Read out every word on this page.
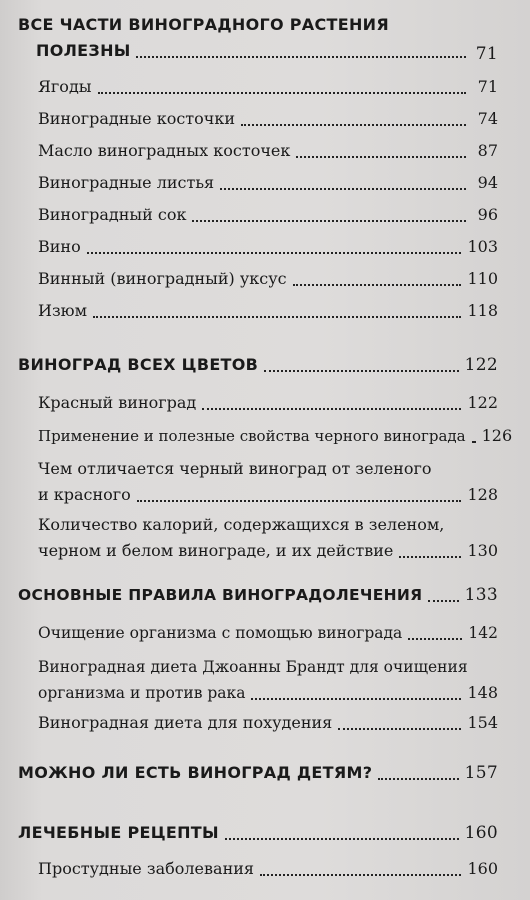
ВСЕ ЧАСТИ ВИНОГРАДНОГО РАСТЕНИЯ
ПОЛЕЗНЫ	71
Ягоды	71
Виноградные косточки	74
Масло виноградных косточек	87
Виноградные листья	94
Виноградный сок	96
Вино	103
Винный (виноградный) уксус	110
Изюм	118
ВИНОГРАД ВСЕХ ЦВЕТОВ	122
Красный виноград	122
Применение и полезные свойства черного винограда 126
Чем отличается черный виноград от зеленого
и красного	128
Количество калорий, содержащихся в зеленом,
черном и белом винограде, и их действие	130
ОСНОВНЫЕ ПРАВИЛА ВИНОГРАДОЛЕЧЕНИЯ 133
Очищение организма с помощью винограда	142
Виноградная диета Джоанны Брандт для очищения
организма и против рака	148
Виноградная диета для похудения	154
МОЖНО ЛИ ЕСТЬ ВИНОГРАД ДЕТЯМ?	157
ЛЕЧЕБНЫЕ РЕЦЕПТЫ	160
Простудные заболевания	160
